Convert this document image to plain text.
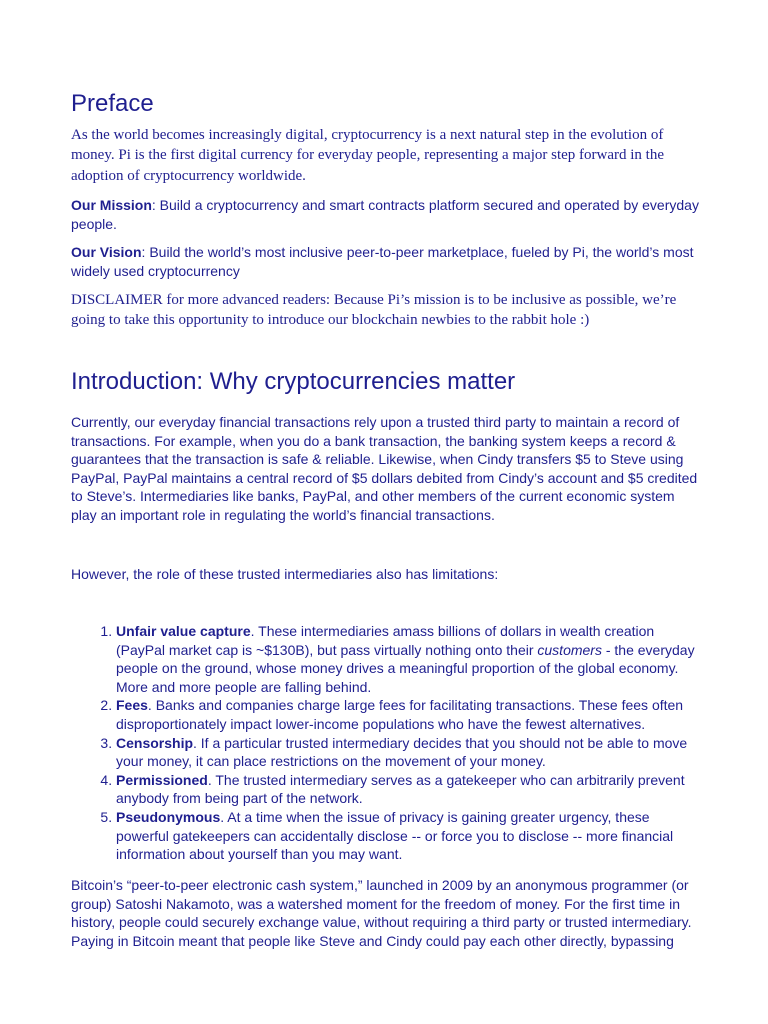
Preface

As the world becomes increasingly digital, cryptocurrency is a next natural step in the evolution of money. Pi is the first digital currency for everyday people, representing a major step forward in the adoption of cryptocurrency worldwide.

Our Mission: Build a cryptocurrency and smart contracts platform secured and operated by everyday people.

Our Vision: Build the world’s most inclusive peer-to-peer marketplace, fueled by Pi, the world’s most widely used cryptocurrency

DISCLAIMER for more advanced readers: Because Pi’s mission is to be inclusive as possible, we’re going to take this opportunity to introduce our blockchain newbies to the rabbit hole :)

Introduction: Why cryptocurrencies matter

Currently, our everyday financial transactions rely upon a trusted third party to maintain a record of transactions. For example, when you do a bank transaction, the banking system keeps a record & guarantees that the transaction is safe & reliable. Likewise, when Cindy transfers $5 to Steve using PayPal, PayPal maintains a central record of $5 dollars debited from Cindy’s account and $5 credited to Steve’s. Intermediaries like banks, PayPal, and other members of the current economic system play an important role in regulating the world’s financial transactions.

However, the role of these trusted intermediaries also has limitations:

1. Unfair value capture. These intermediaries amass billions of dollars in wealth creation (PayPal market cap is ~$130B), but pass virtually nothing onto their customers - the everyday people on the ground, whose money drives a meaningful proportion of the global economy. More and more people are falling behind.
2. Fees. Banks and companies charge large fees for facilitating transactions. These fees often disproportionately impact lower-income populations who have the fewest alternatives.
3. Censorship. If a particular trusted intermediary decides that you should not be able to move your money, it can place restrictions on the movement of your money.
4. Permissioned. The trusted intermediary serves as a gatekeeper who can arbitrarily prevent anybody from being part of the network.
5. Pseudonymous. At a time when the issue of privacy is gaining greater urgency, these powerful gatekeepers can accidentally disclose -- or force you to disclose -- more financial information about yourself than you may want.

Bitcoin’s “peer-to-peer electronic cash system,” launched in 2009 by an anonymous programmer (or group) Satoshi Nakamoto, was a watershed moment for the freedom of money. For the first time in history, people could securely exchange value, without requiring a third party or trusted intermediary. Paying in Bitcoin meant that people like Steve and Cindy could pay each other directly, bypassing
